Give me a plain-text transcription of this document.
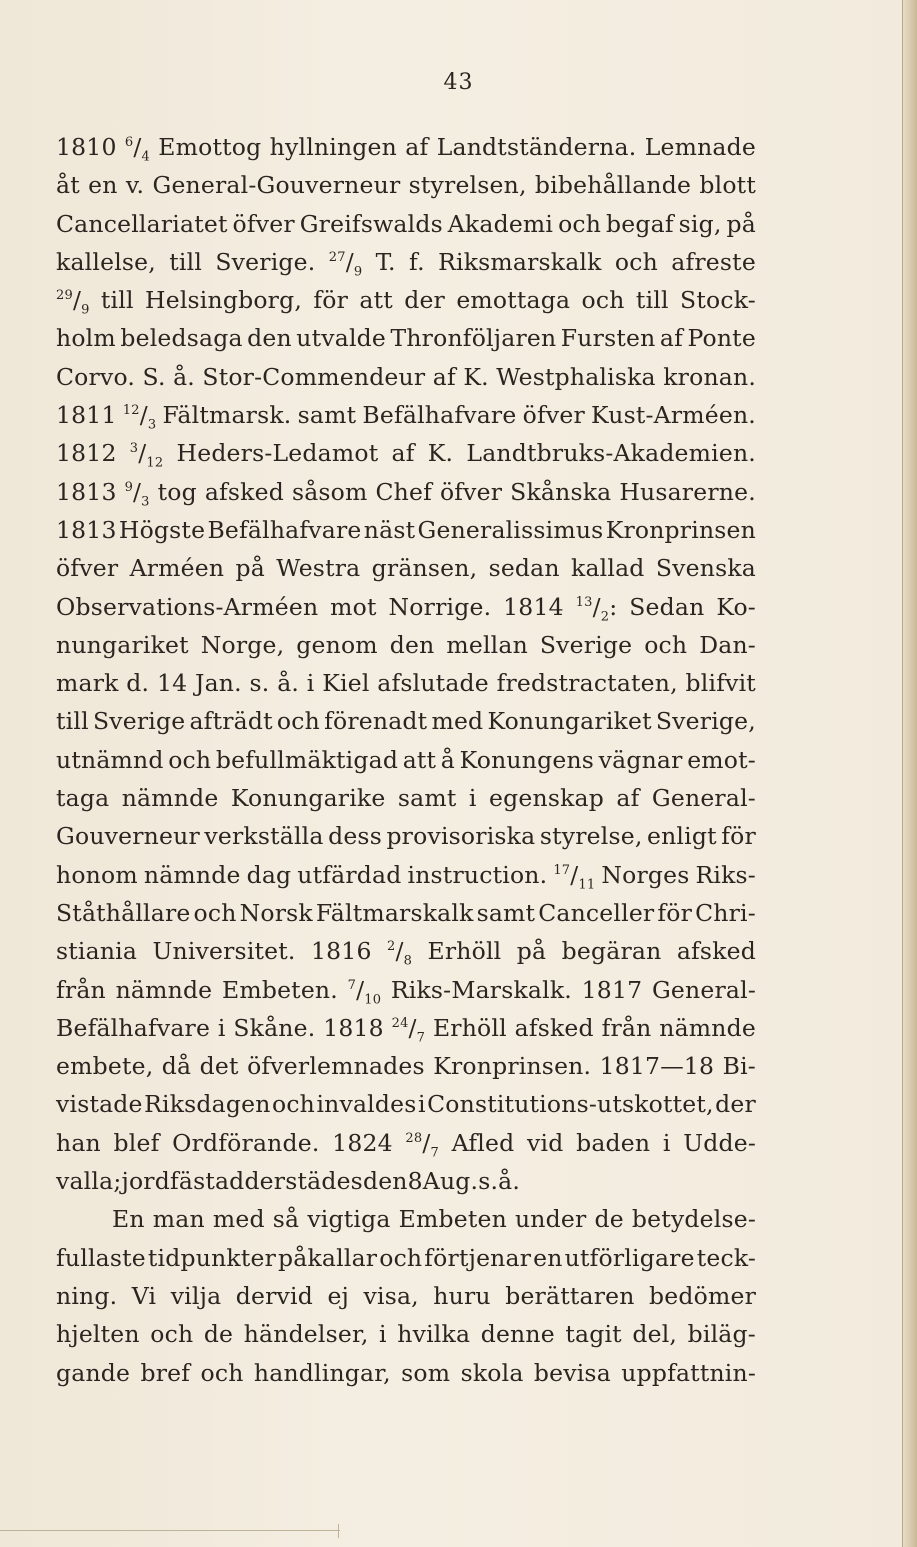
43
1810 $^6/_4$ Emottog hyllningen af Landtständerna. Lemnade
åt en v. General-Gouverneur styrelsen, bibehållande blott
Cancellariatet öfver Greifswalds Akademi och begaf sig, på
kallelse, till Sverige. $^{27}/_9$ T. f. Riksmarskalk och afreste
$^{29}/_9$ till Helsingborg, för att der emottaga och till Stock-
holm beledsaga den utvalde Thronföljaren Fursten af Ponte
Corvo. S. å. Stor-Commendeur af K. Westphaliska kronan.
1811 $^{12}/_3$ Fältmarsk. samt Befälhafvare öfver Kust-Arméen.
1812 $^3/_{12}$ Heders-Ledamot af K. Landtbruks-Akademien.
1813 $^9/_3$ tog afsked såsom Chef öfver Skånska Husarerne.
1813 Högste Befälhafvare näst Generalissimus Kronprinsen
öfver Arméen på Westra gränsen, sedan kallad Svenska
Observations-Arméen mot Norrige. 1814 $^{13}/_2$: Sedan Ko-
nungariket Norge, genom den mellan Sverige och Dan-
mark d. 14 Jan. s. å. i Kiel afslutade fredstractaten, blifvit
till Sverige afträdt och förenadt med Konungariket Sverige,
utnämnd och befullmäktigad att å Konungens vägnar emot-
taga nämnde Konungarike samt i egenskap af General-
Gouverneur verkställa dess provisoriska styrelse, enligt för
honom nämnde dag utfärdad instruction. $^{17}/_{11}$ Norges Riks-
Ståthållare och Norsk Fältmarskalk samt Canceller för Chri-
stiania Universitet. 1816 $^2/_8$ Erhöll på begäran afsked
från nämnde Embeten. $^7/_{10}$ Riks-Marskalk. 1817 General-
Befälhafvare i Skåne. 1818 $^{24}/_7$ Erhöll afsked från nämnde
embete, då det öfverlemnades Kronprinsen. 1817—18 Bi-
vistade Riksdagen och invaldes i Constitutions-utskottet, der
han blef Ordförande. 1824 $^{28}/_7$ Afled vid baden i Udde-
valla; jordfästad derstädes den 8 Aug. s. å.
En man med så vigtiga Embeten under de betydelse-
fullaste tidpunkter påkallar och förtjenar en utförligare teck-
ning. Vi vilja dervid ej visa, huru berättaren bedömer
hjelten och de händelser, i hvilka denne tagit del, biläg-
gande bref och handlingar, som skola bevisa uppfattnin-
